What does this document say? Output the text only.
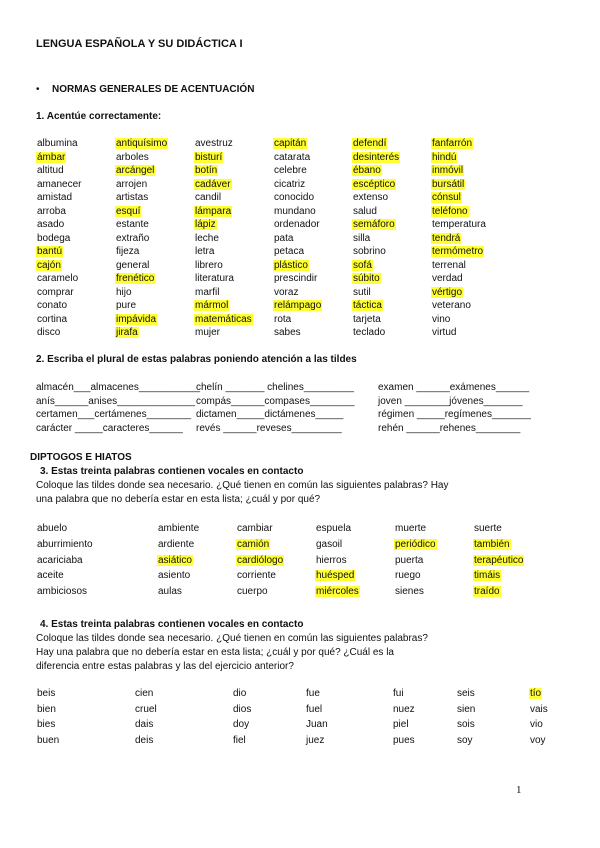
LENGUA ESPAÑOLA Y SU DIDÁCTICA I
• NORMAS GENERALES DE ACENTUACIÓN
1. Acentúe correctamente:
albumina
ámbar
altitud
amanecer
amistad
arroba
asado
bodega
bantú
cajón
caramelo
comprar
conato
cortina
disco
antiquísimo
arboles
arcángel
arrojen
artistas
esquí
estante
extraño
fijeza
general
frenético
hijo
pure
impávida
jirafa
avestruz
bisturí
botín
cadáver
candil
lámpara
lápiz
leche
letra
librero
literatura
marfil
mármol
matemáticas
mujer
capitán
catarata
celebre
cicatriz
conocido
mundano
ordenador
pata
petaca
plástico
prescindir
voraz
relámpago
rota
sabes
defendí
desinterés
ébano
escéptico
extenso
salud
semáforo
silla
sobrino
sofá
súbito
sutil
táctica
tarjeta
teclado
fanfarrón
hindú
inmóvil
bursátil
cónsul
teléfono
temperatura
tendrá
termómetro
terrenal
verdad
vértigo
veterano
vino
virtud
2. Escriba el plural de estas palabras poniendo atención a las tildes
almacén___almacenes___________
chelín _______ chelines_________ examen ______exámenes______
anís______anises______________ compás______compases________ joven ________jóvenes_______
certamen___certámenes________ dictamen_____dictámenes_____	régimen _____regímenes_______
carácter _____caracteres______ revés ______reveses_________	rehén ______rehenes________
DIPTOGOS E HIATOS
3. Estas treinta palabras contienen vocales en contacto
Coloque las tildes donde sea necesario. ¿Qué tienen en común las siguientes palabras? Hay
una palabra que no debería estar en esta lista; ¿cuál y por qué?
abuelo
aburrimiento
acariciaba
aceite
ambiciosos
ambiente
ardiente
asiático
asiento
aulas
cambiar
camión
cardiólogo
corriente
cuerpo
espuela
gasoil
hierros
huésped
miércoles
muerte
periódico
puerta
ruego
sienes
suerte
también
terapéutico
timáis
traído
4. Estas treinta palabras contienen vocales en contacto
Coloque las tildes donde sea necesario. ¿Qué tienen en común las siguientes palabras?
Hay una palabra que no debería estar en esta lista; ¿cuál y por qué? ¿Cuál es la
diferencia entre estas palabras y las del ejercicio anterior?
beis
bien
bies
buen
cien
cruel
dais
deis
dio
dios
doy
fiel
fue
fuel
Juan
juez
fui
nuez
piel
pues
seis
sien
sois
soy
tío
vais
vio
voy
1
